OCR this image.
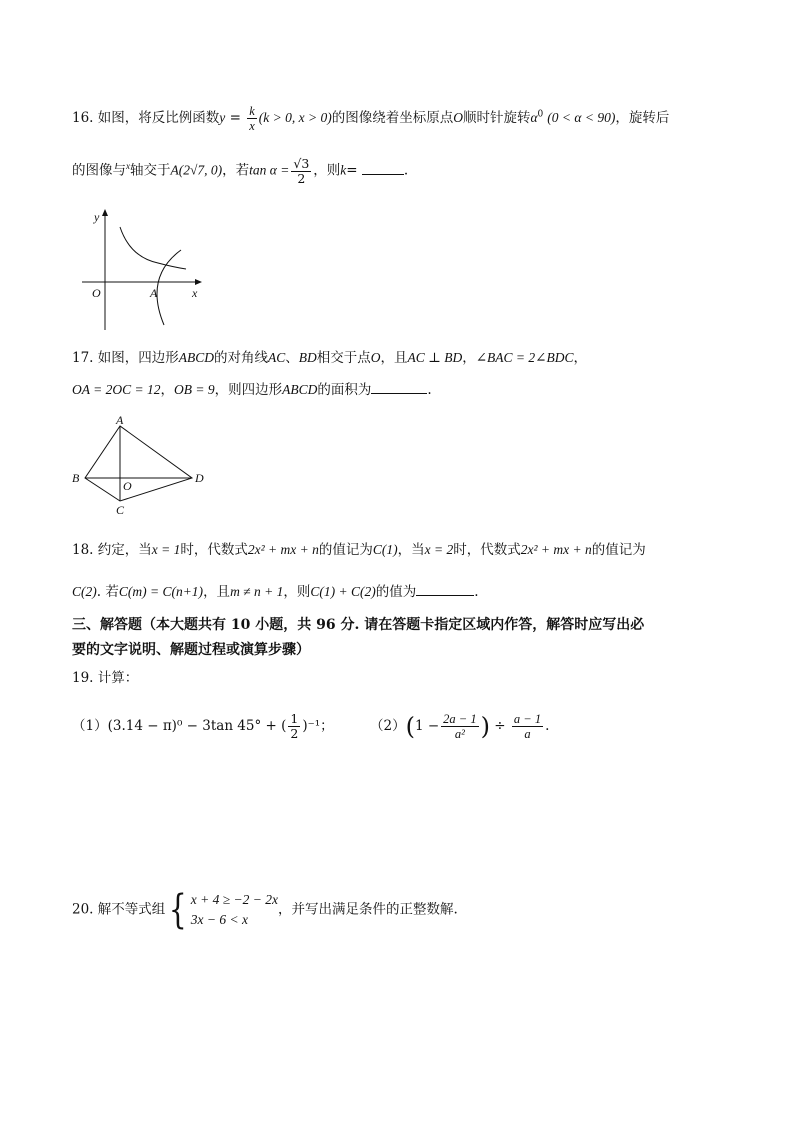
16. 如图，将反比例函数$y = \frac{k}{x} (k > 0$, x > 0)的图像绕着坐标原点O顺时针旋转$\alpha^0$ (0 < α < 90)，旋转后
的图像与$^x$轴交于A(2√7, 0)，若$\tan \alpha = \frac{√3}{2}$ ，则k=	.
y
x
O	A
17. 如图，四边形ABCD的对角线AC、BD相交于点O，且AC ⊥ BD，∠BAC = 2∠BDC，
OA = 2OC = 12，OB = 9，则四边形ABCD的面积为	.
A
B
C
D
O
18. 约定，当x = 1时，代数式2x² + mx + n的值记为C(1)，当x = 2时，代数式2x² + mx + n的值记为
C(2). 若C(m) = C(n+1)，且m ≠ n + 1，则C(1) + C(2)的值为	.
三、解答题（本大题共有 10 小题，共 96 分. 请在答题卡指定区域内作答，解答时应写出必
要的文字说明、解题过程或演算步骤）
19. 计算：
（1）(3.14 − π)⁰ − 3tan 45° + ( $\frac{1}{2} )^{-1}$；	$(2)(1 - \frac{2a - 1}{\text{a²}}$ ) ÷ $\frac{a - 1}{a}$ .
20. 解不等式组{ x + 4 ≥ −2 − 2x
3x − 6 < x
，并写出满足条件的正整数解.
